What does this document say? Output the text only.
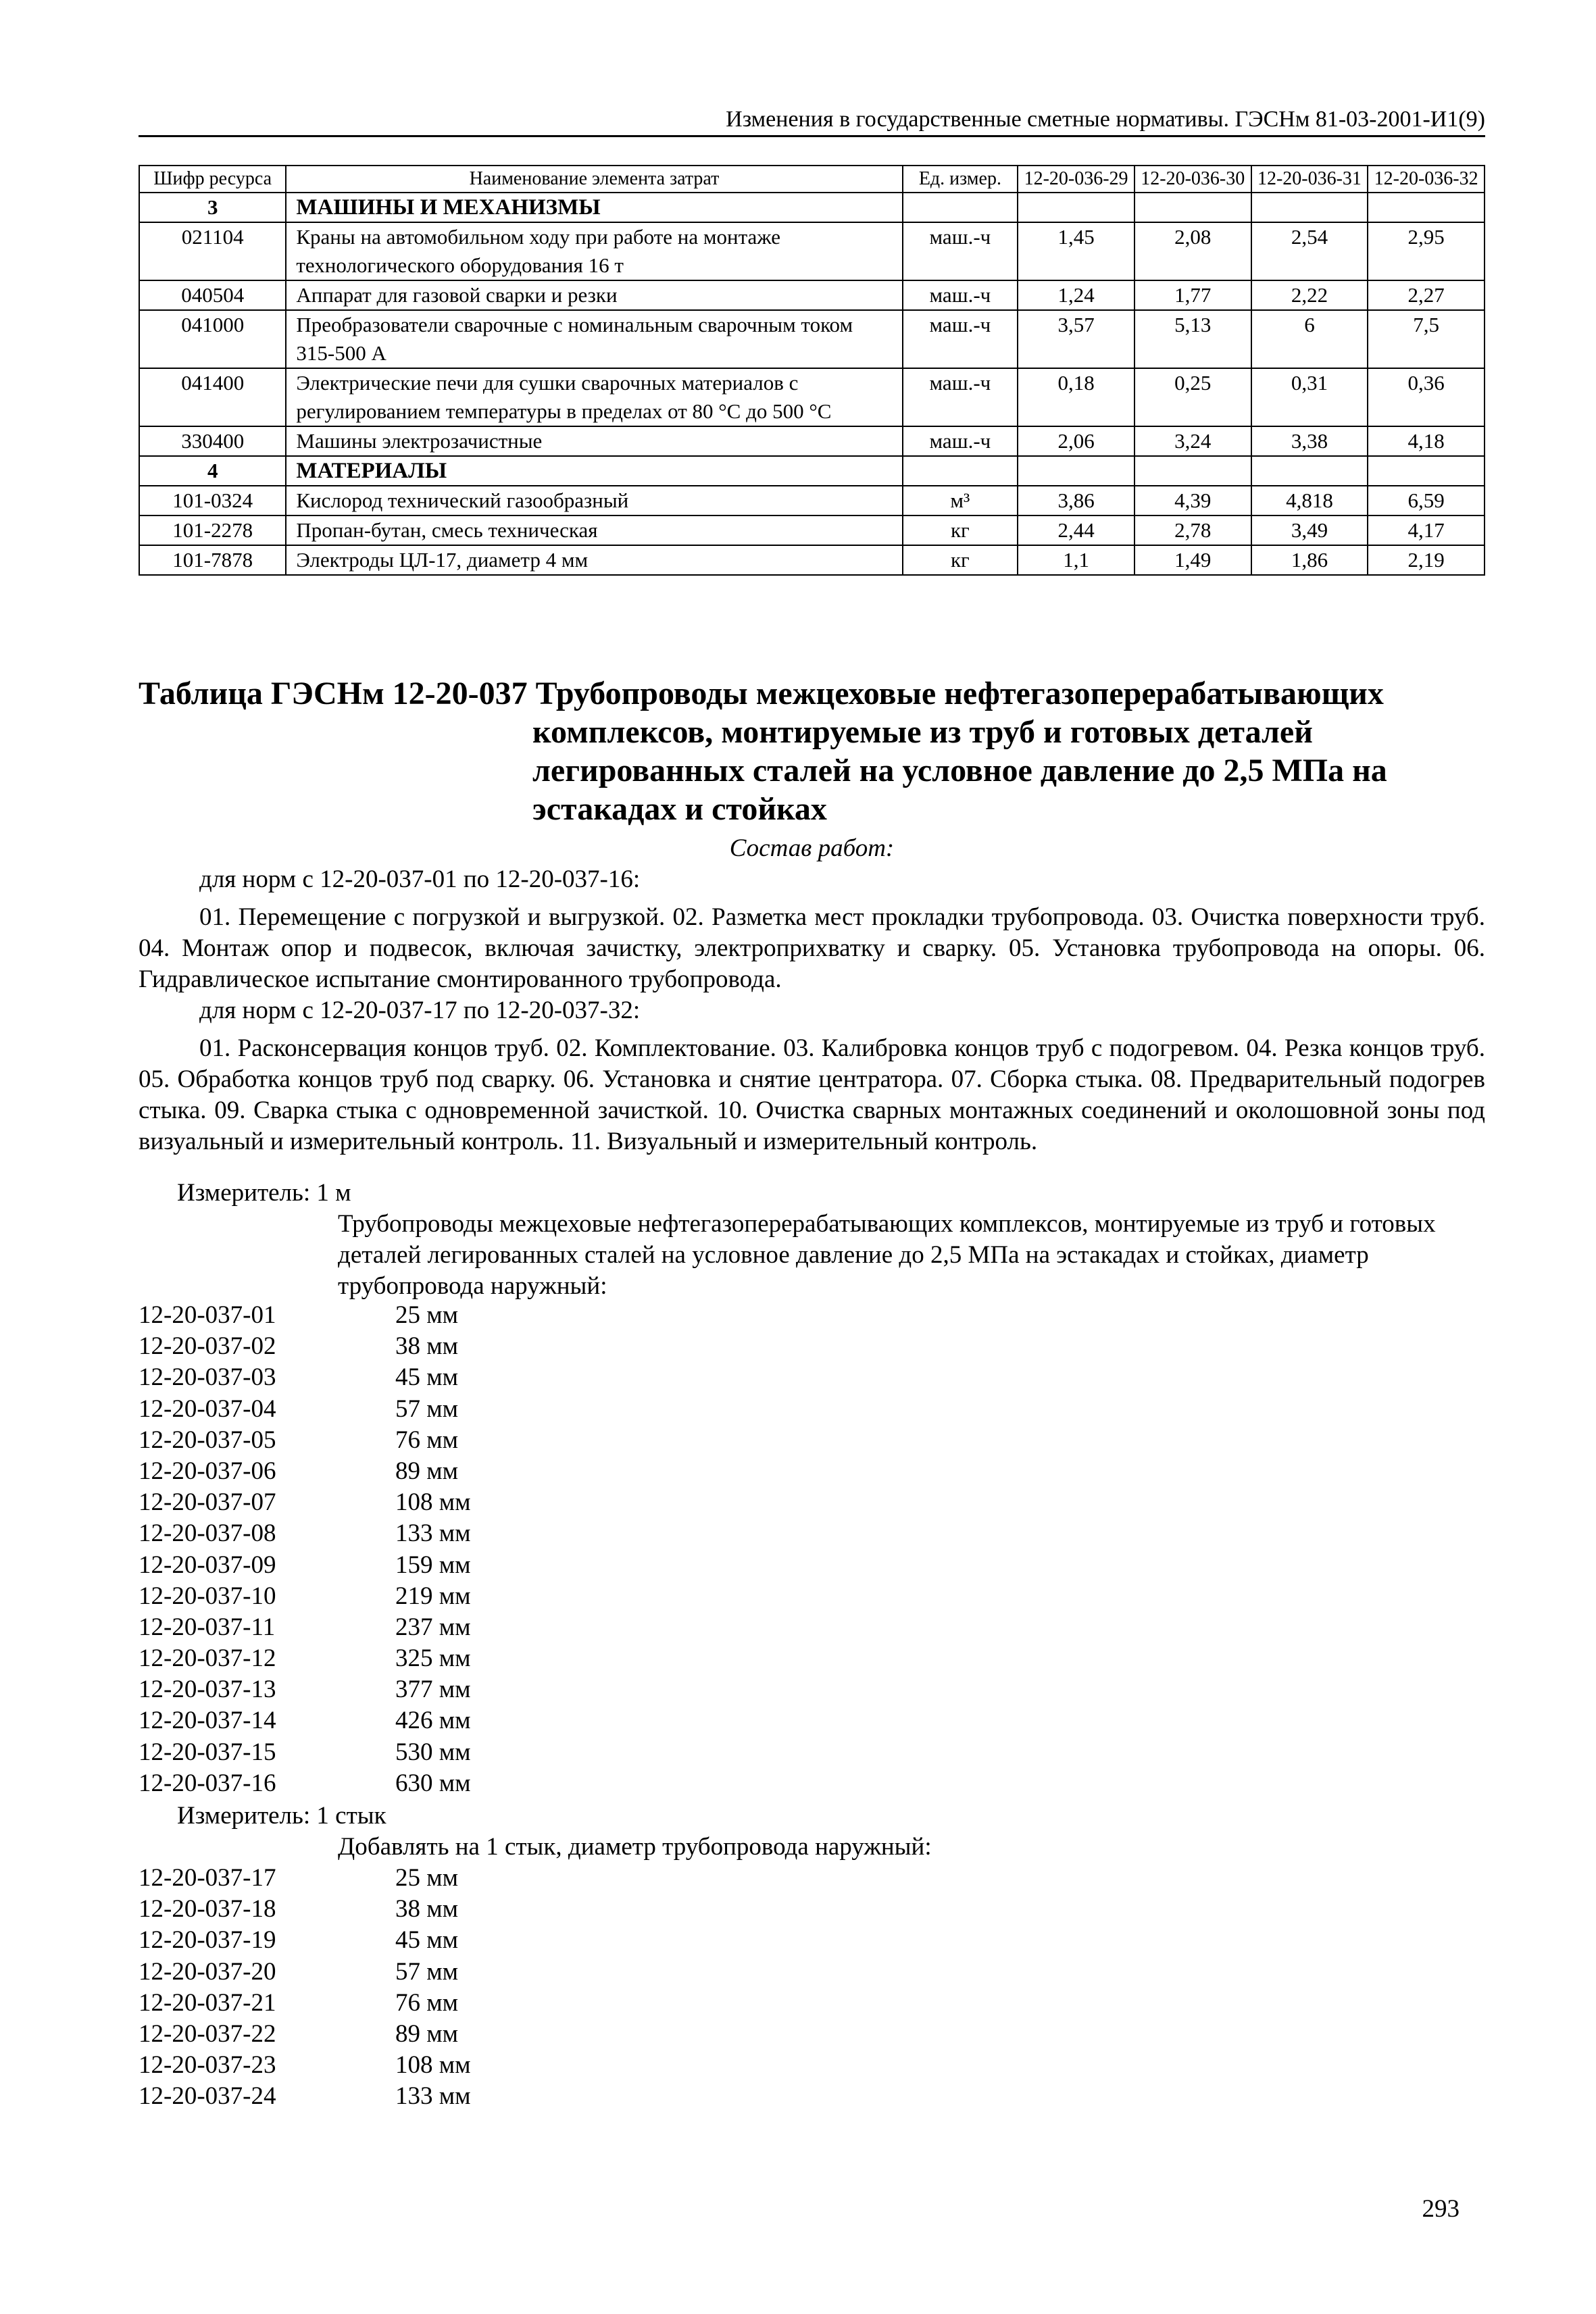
Изменения в государственные сметные нормативы. ГЭСНм 81-03-2001-И1(9)
Шифр ресурса	Наименование элемента затрат	Ед. измер.	12-20-036-29	12-20-036-30	12-20-036-31	12-20-036-32
3	МАШИНЫ И МЕХАНИЗМЫ					
021104	Краны на автомобильном ходу при работе на монтаже технологического оборудования 16 т	маш.-ч	1,45	2,08	2,54	2,95
040504	Аппарат для газовой сварки и резки	маш.-ч	1,24	1,77	2,22	2,27
041000	Преобразователи сварочные с номинальным сварочным током 315-500 А	маш.-ч	3,57	5,13	6	7,5
041400	Электрические печи для сушки сварочных материалов с регулированием температуры в пределах от 80 °С до 500 °С	маш.-ч	0,18	0,25	0,31	0,36
330400	Машины электрозачистные	маш.-ч	2,06	3,24	3,38	4,18
4	МАТЕРИАЛЫ					
101-0324	Кислород технический газообразный	м³	3,86	4,39	4,818	6,59
101-2278	Пропан-бутан, смесь техническая	кг	2,44	2,78	3,49	4,17
101-7878	Электроды ЦЛ-17, диаметр 4 мм	кг	1,1	1,49	1,86	2,19
Таблица ГЭСНм 12-20-037 Трубопроводы межцеховые нефтегазоперерабатывающих
комплексов, монтируемые из труб и готовых деталей
легированных сталей на условное давление до 2,5 МПа на
эстакадах и стойках
Состав работ:

для норм с 12-20-037-01 по 12-20-037-16:

01. Перемещение с погрузкой и выгрузкой. 02. Разметка мест прокладки трубопровода. 03. Очистка поверхности труб. 04. Монтаж опор и подвесок, включая зачистку, электроприхватку и сварку. 05. Установка трубопровода на опоры. 06. Гидравлическое испытание смонтированного трубопровода.

для норм с 12-20-037-17 по 12-20-037-32:

01. Расконсервация концов труб. 02. Комплектование. 03. Калибровка концов труб с подогревом. 04. Резка концов труб. 05. Обработка концов труб под сварку. 06. Установка и снятие центратора. 07. Сборка стыка. 08. Предварительный подогрев стыка. 09. Сварка стыка с одновременной зачисткой. 10. Очистка сварных монтажных соединений и околошовной зоны под визуальный и измерительный контроль. 11. Визуальный и измерительный контроль.

Измеритель: 1 м
Трубопроводы межцеховые нефтегазоперерабатывающих комплексов, монтируемые из труб и готовых деталей легированных сталей на условное давление до 2,5 МПа на эстакадах и стойках, диаметр трубопровода наружный:
12-20-037-01	25 мм
12-20-037-02	38 мм
12-20-037-03	45 мм
12-20-037-04	57 мм
12-20-037-05	76 мм
12-20-037-06	89 мм
12-20-037-07	108 мм
12-20-037-08	133 мм
12-20-037-09	159 мм
12-20-037-10	219 мм
12-20-037-11	237 мм
12-20-037-12	325 мм
12-20-037-13	377 мм
12-20-037-14	426 мм
12-20-037-15	530 мм
12-20-037-16	630 мм
Измеритель: 1 стык
Добавлять на 1 стык, диаметр трубопровода наружный:
12-20-037-17	25 мм
12-20-037-18	38 мм
12-20-037-19	45 мм
12-20-037-20	57 мм
12-20-037-21	76 мм
12-20-037-22	89 мм
12-20-037-23	108 мм
12-20-037-24	133 мм
293
